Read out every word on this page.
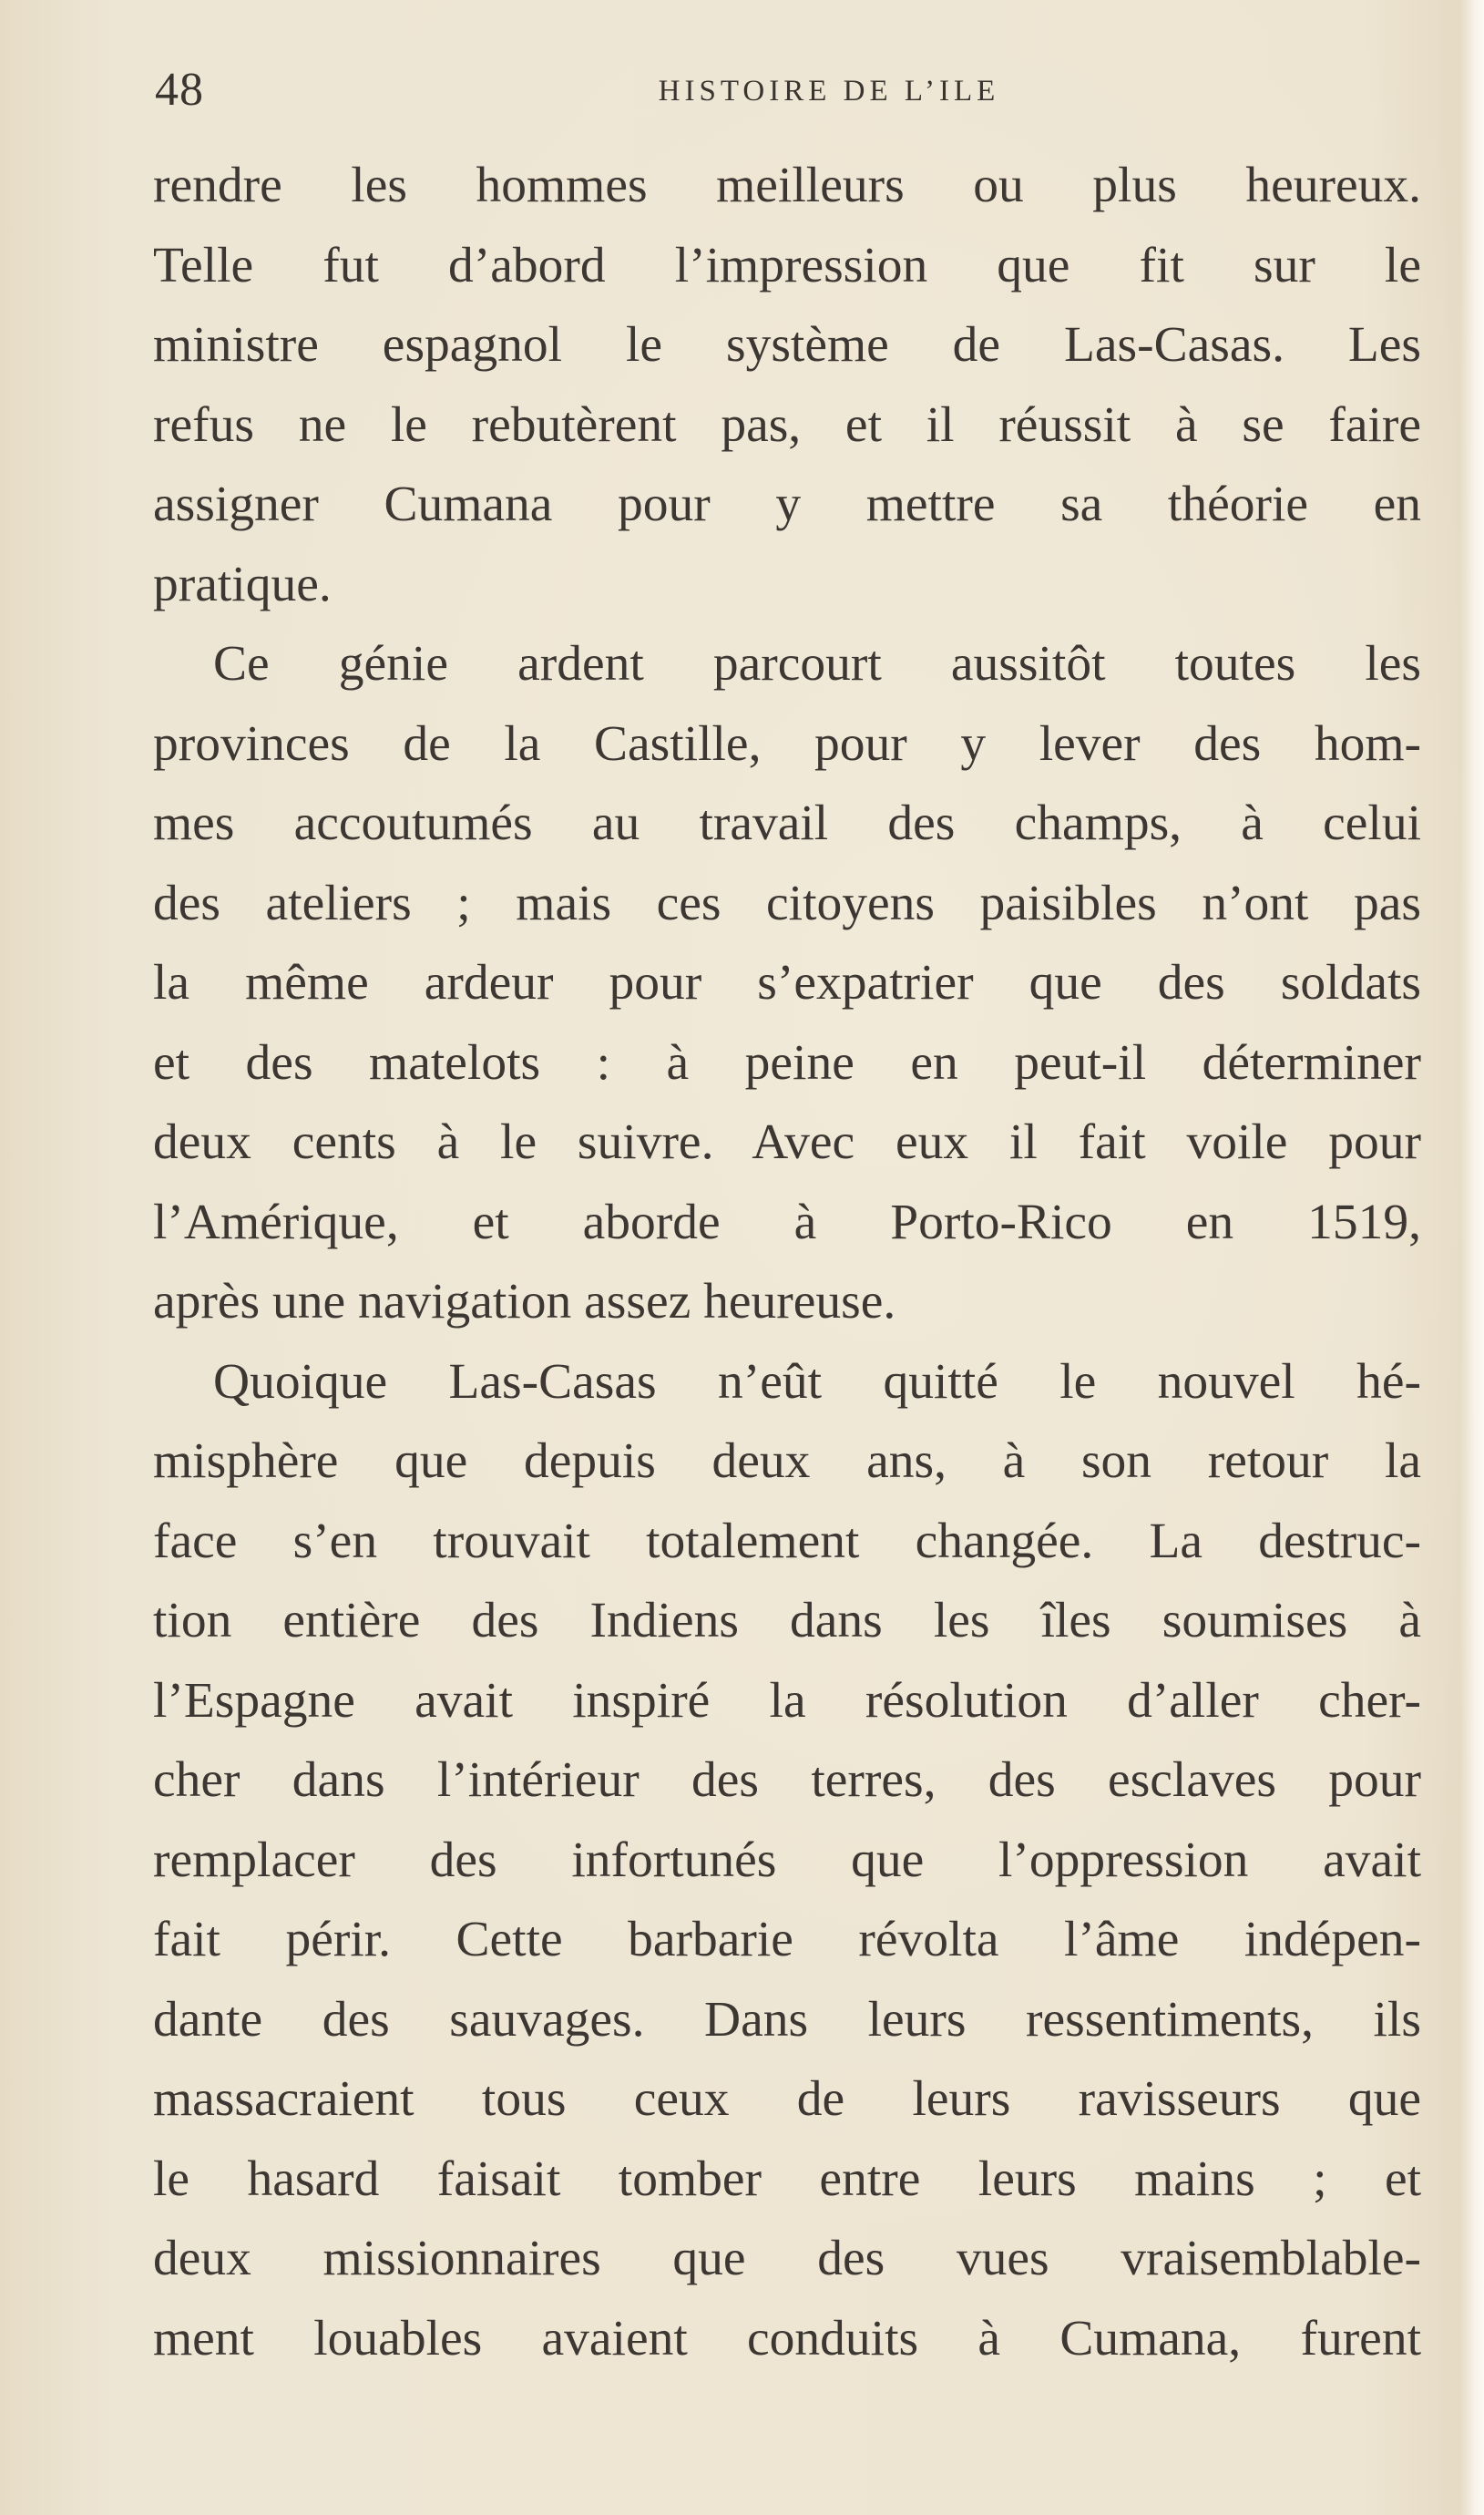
48	HISTOIRE DE L’ILE
rendre les hommes meilleurs ou plus heureux.
Telle fut d’abord l’impression que fit sur le
ministre espagnol le système de Las-Casas. Les
refus ne le rebutèrent pas, et il réussit à se faire
assigner Cumana pour y mettre sa théorie en
pratique.
Ce génie ardent parcourt aussitôt toutes les
provinces de la Castille, pour y lever des hom-
mes accoutumés au travail des champs, à celui
des ateliers ; mais ces citoyens paisibles n’ont pas
la même ardeur pour s’expatrier que des soldats
et des matelots : à peine en peut-il déterminer
deux cents à le suivre. Avec eux il fait voile pour
l’Amérique, et aborde à Porto-Rico en 1519,
après une navigation assez heureuse.
Quoique Las-Casas n’eût quitté le nouvel hé-
misphère que depuis deux ans, à son retour la
face s’en trouvait totalement changée. La destruc-
tion entière des Indiens dans les îles soumises à
l’Espagne avait inspiré la résolution d’aller cher-
cher dans l’intérieur des terres, des esclaves pour
remplacer des infortunés que l’oppression avait
fait périr. Cette barbarie révolta l’âme indépen-
dante des sauvages. Dans leurs ressentiments, ils
massacraient tous ceux de leurs ravisseurs que
le hasard faisait tomber entre leurs mains ; et
deux missionnaires que des vues vraisemblable-
ment louables avaient conduits à Cumana, furent
